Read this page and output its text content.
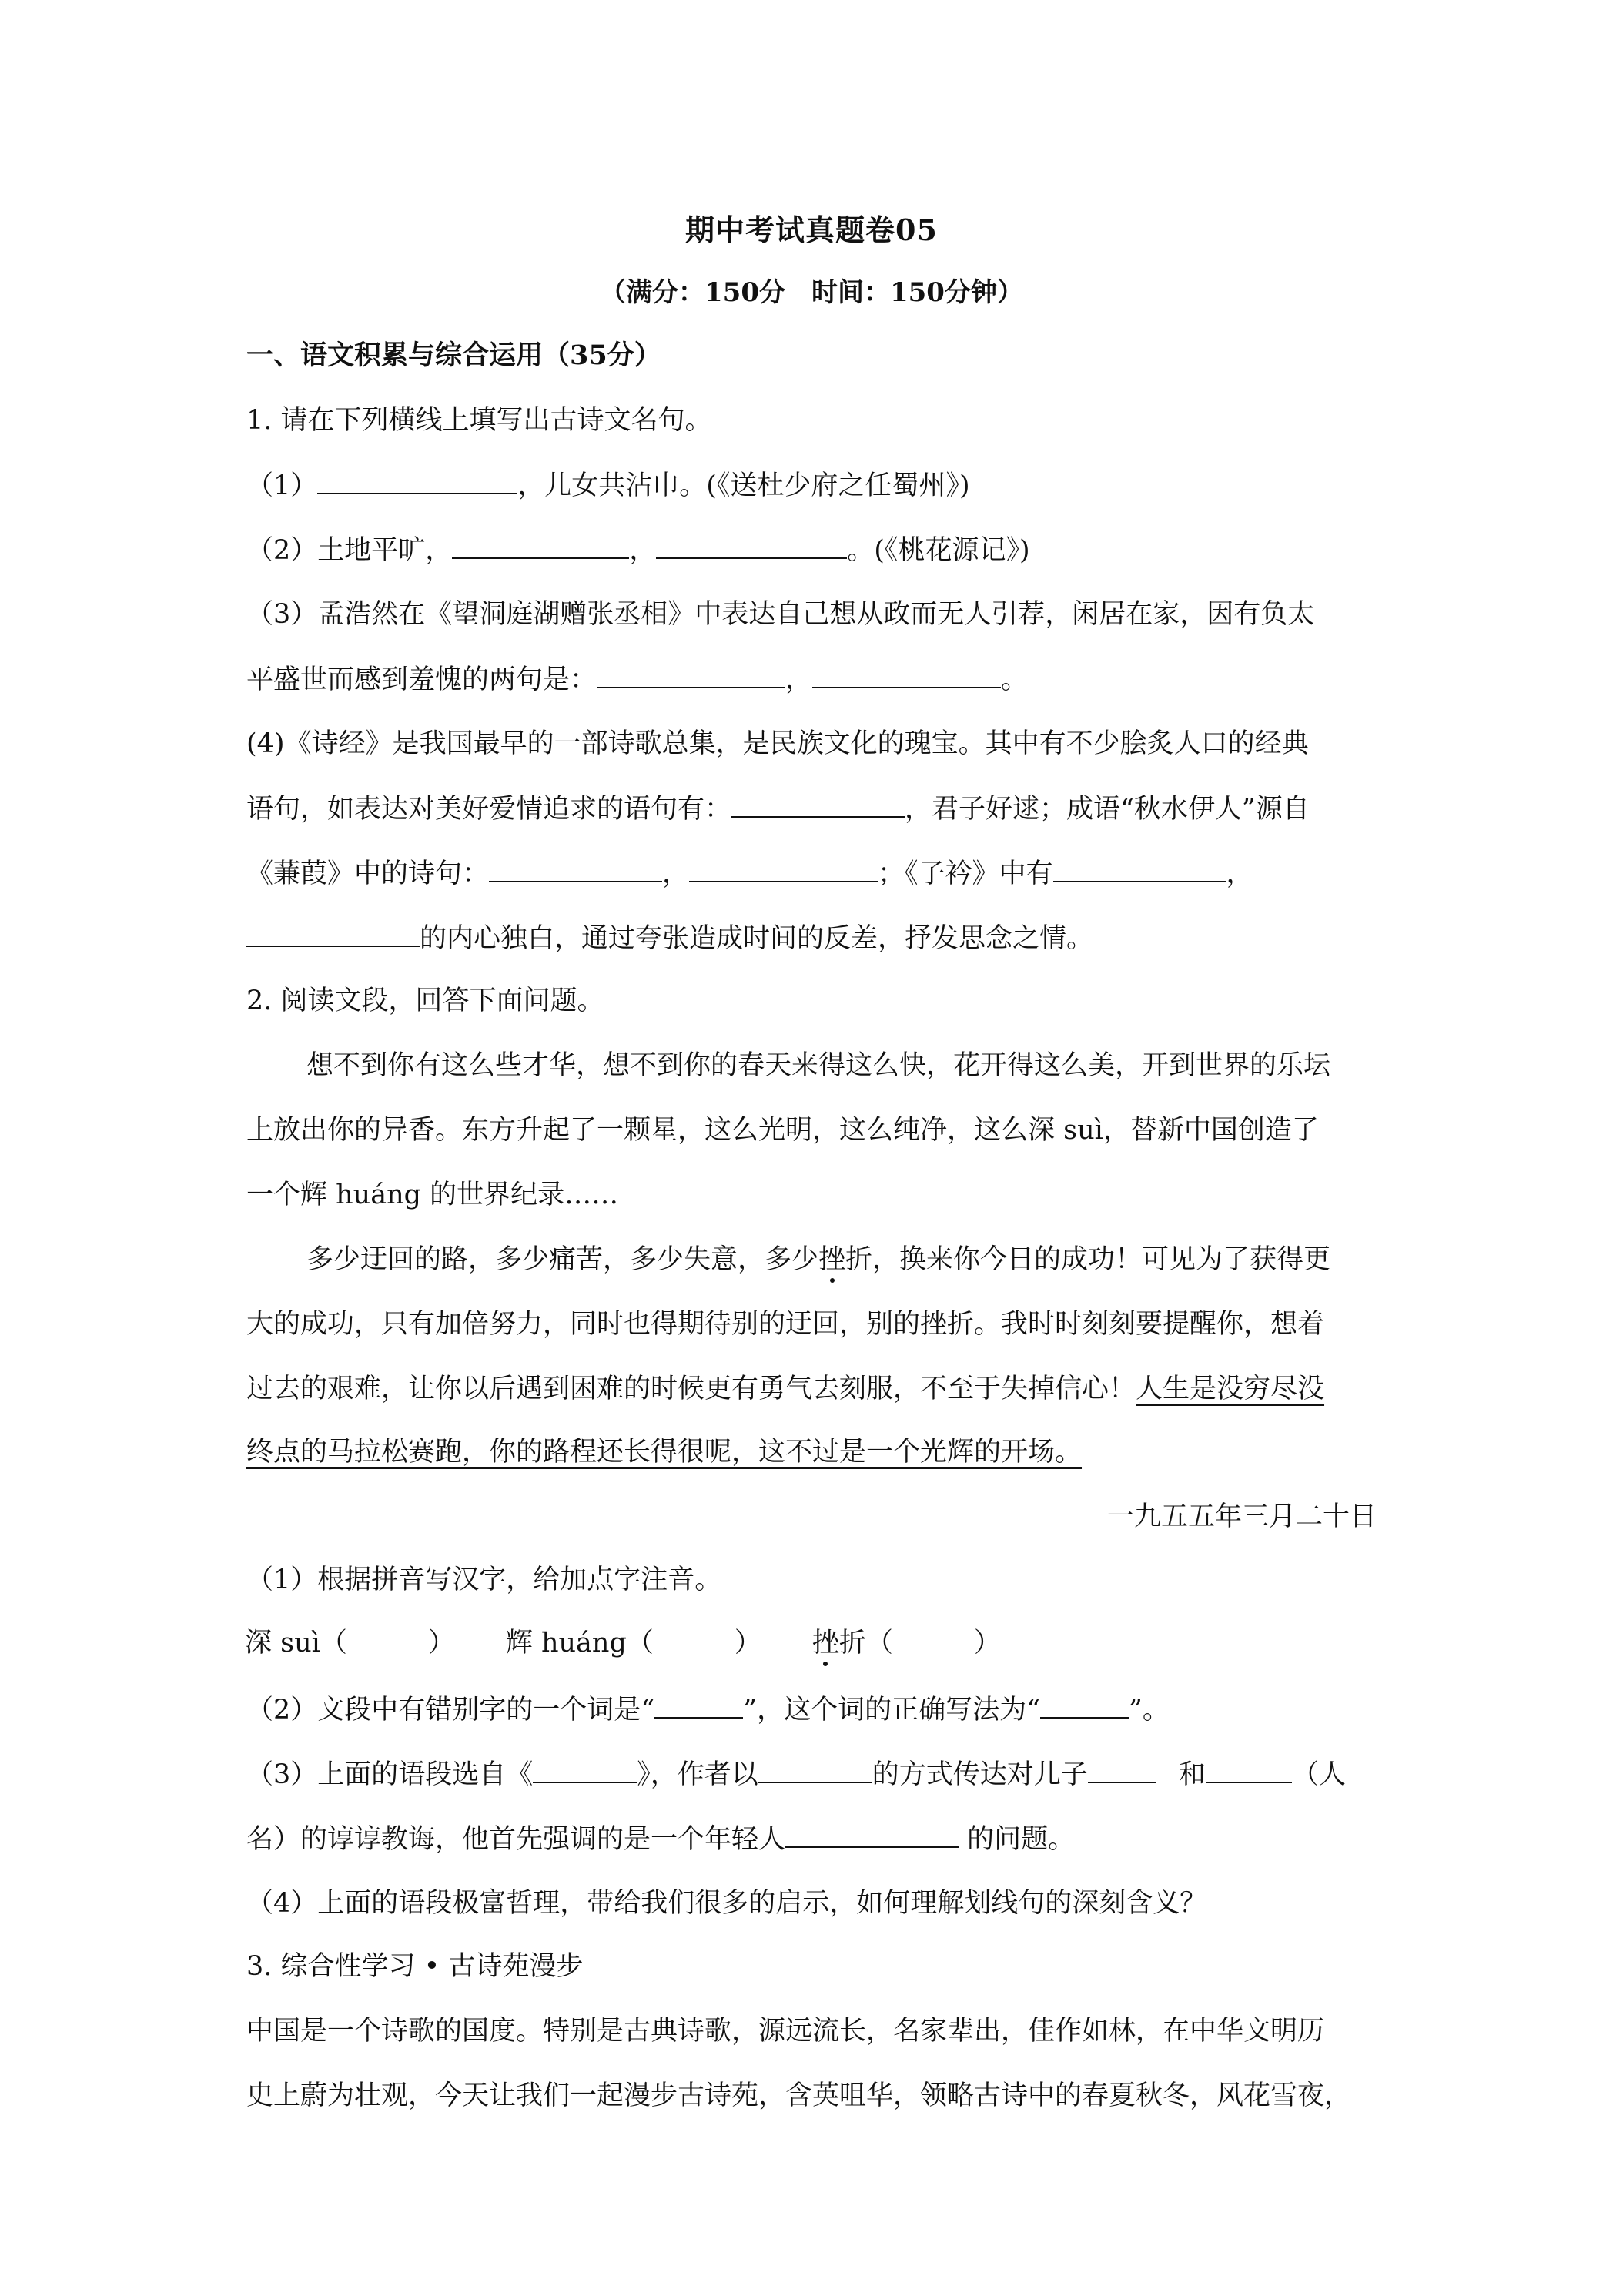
期中考试真题卷05
（满分：150分　时间：150分钟）
一、语文积累与综合运用（35分）
1. 请在下列横线上填写出古诗文名句。
（1）	，儿女共沾巾。(《送杜少府之任蜀州》)
（2）土地平旷，	，	。(《桃花源记》)
（3）孟浩然在《望洞庭湖赠张丞相》中表达自己想从政而无人引荐，闲居在家，因有负太
平盛世而感到羞愧的两句是：	，	。
(4)《诗经》是我国最早的一部诗歌总集，是民族文化的瑰宝。其中有不少脍炙人口的经典
语句，如表达对美好爱情追求的语句有：	，君子好逑；成语“秋水伊人”源自
《蒹葭》中的诗句：	，	；《子衿》中有	，
的内心独白，通过夸张造成时间的反差，抒发思念之情。
2. 阅读文段，回答下面问题。
想不到你有这么些才华，想不到你的春天来得这么快，花开得这么美，开到世界的乐坛
上放出你的异香。东方升起了一颗星，这么光明，这么纯净，这么深 suì，替新中国创造了
一个辉 huáng 的世界纪录……
多少迂回的路，多少痛苦，多少失意，多少挫折，换来你今日的成功！可见为了获得更
大的成功，只有加倍努力，同时也得期待别的迂回，别的挫折。我时时刻刻要提醒你，想着
过去的艰难，让你以后遇到困难的时候更有勇气去刻服，不至于失掉信心！人生是没穷尽没
终点的马拉松赛跑，你的路程还长得很呢，这不过是一个光辉的开场。
一九五五年三月二十日
（1）根据拼音写汉字，给加点字注音。
深 suì（　　　） 辉 huáng（　　　） 挫折（　　　）
（2）文段中有错别字的一个词是“	”，这个词的正确写法为“	”。
（3）上面的语段选自《	》，作者以	的方式传达对儿子	和	（人
名）的谆谆教诲，他首先强调的是一个年轻人	的问题。
（4）上面的语段极富哲理，带给我们很多的启示，如何理解划线句的深刻含义？
3. 综合性学习 • 古诗苑漫步
中国是一个诗歌的国度。特别是古典诗歌，源远流长，名家辈出，佳作如林，在中华文明历
史上蔚为壮观，今天让我们一起漫步古诗苑，含英咀华，领略古诗中的春夏秋冬，风花雪夜，
